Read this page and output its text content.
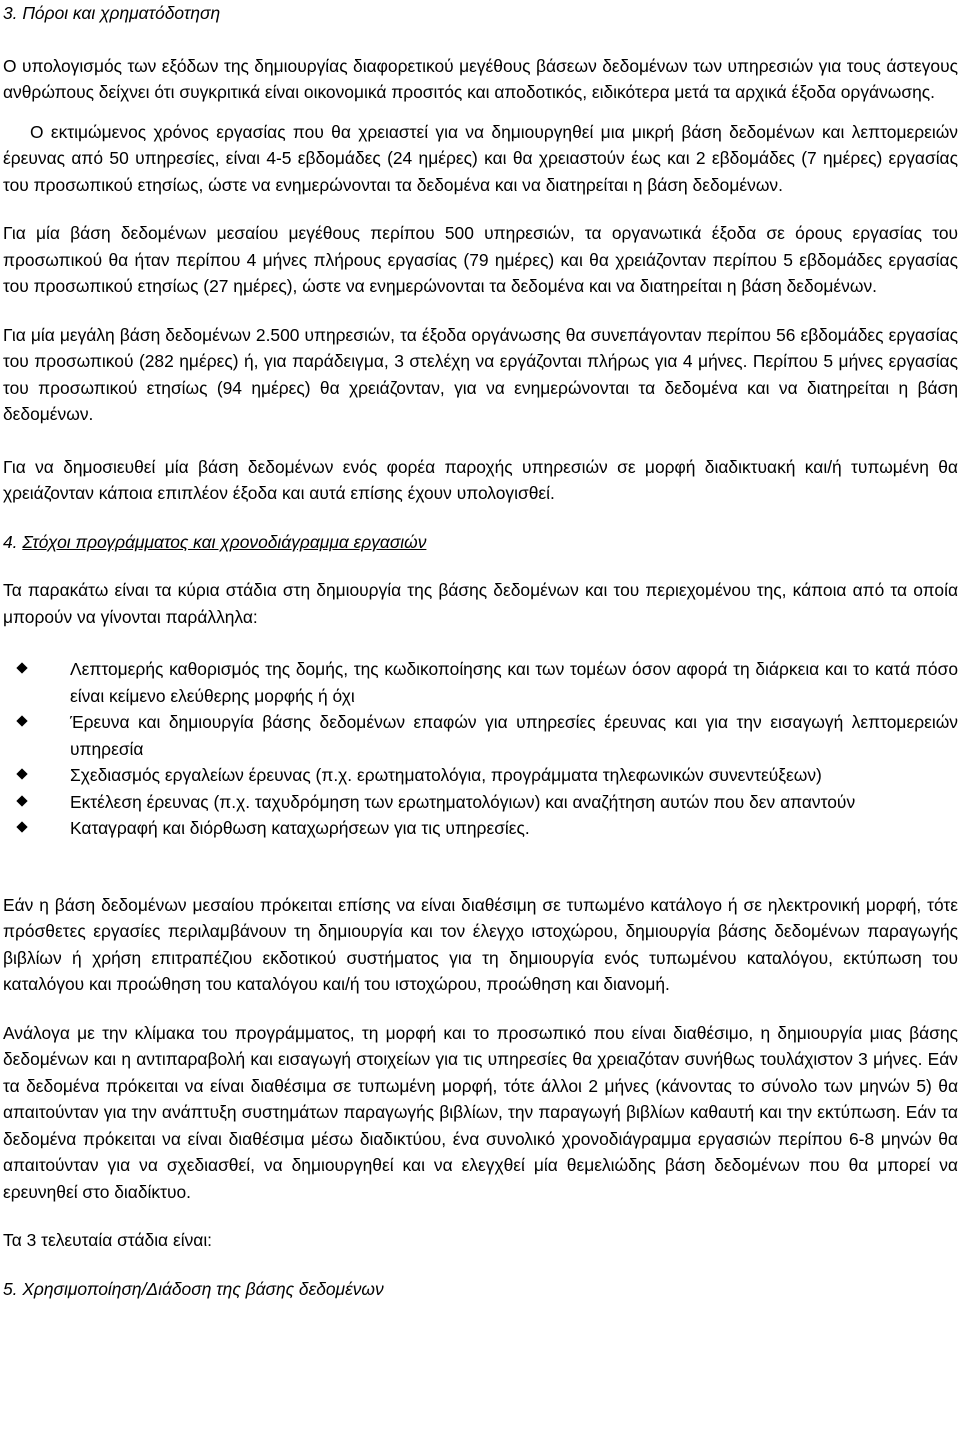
3. Πόροι και χρηματόδοτηση

Ο υπολογισμός των εξόδων της δημιουργίας διαφορετικού μεγέθους βάσεων δεδομένων των υπηρεσιών για τους άστεγους ανθρώπους δείχνει ότι συγκριτικά είναι οικονομικά προσιτός και αποδοτικός, ειδικότερα μετά τα αρχικά έξοδα οργάνωσης.

Ο εκτιμώμενος χρόνος εργασίας που θα χρειαστεί για να δημιουργηθεί μια μικρή βάση δεδομένων και λεπτομερειών έρευνας από 50 υπηρεσίες, είναι 4-5 εβδομάδες (24 ημέρες) και θα χρειαστούν έως και 2 εβδομάδες (7 ημέρες) εργασίας του προσωπικού ετησίως, ώστε να ενημερώνονται τα δεδομένα και να διατηρείται η βάση δεδομένων.

Για μία βάση δεδομένων μεσαίου μεγέθους περίπου 500 υπηρεσιών, τα οργανωτικά έξοδα σε όρους εργασίας του προσωπικού θα ήταν περίπου 4 μήνες πλήρους εργασίας (79 ημέρες) και θα χρειάζονταν περίπου 5 εβδομάδες εργασίας του προσωπικού ετησίως (27 ημέρες), ώστε να ενημερώνονται τα δεδομένα και να διατηρείται η βάση δεδομένων.

Για μία μεγάλη βάση δεδομένων 2.500 υπηρεσιών, τα έξοδα οργάνωσης θα συνεπάγονταν περίπου 56 εβδομάδες εργασίας του προσωπικού (282 ημέρες) ή, για παράδειγμα, 3 στελέχη να εργάζονται πλήρως για 4 μήνες. Περίπου 5 μήνες εργασίας του προσωπικού ετησίως (94 ημέρες) θα χρειάζονταν, για να ενημερώνονται τα δεδομένα και να διατηρείται η βάση δεδομένων.

Για να δημοσιευθεί μία βάση δεδομένων ενός φορέα παροχής υπηρεσιών σε μορφή διαδικτυακή και/ή τυπωμένη θα χρειάζονταν κάποια επιπλέον έξοδα και αυτά επίσης έχουν υπολογισθεί.

4. Στόχοι προγράμματος και χρονοδιάγραμμα εργασιών

Τα παρακάτω είναι τα κύρια στάδια στη δημιουργία της βάσης δεδομένων και του περιεχομένου της, κάποια από τα οποία μπορούν να γίνονται παράλληλα:

Λεπτομερής καθορισμός της δομής, της κωδικοποίησης και των τομέων όσον αφορά τη διάρκεια και το κατά πόσο είναι κείμενο ελεύθερης μορφής ή όχι
Έρευνα και δημιουργία βάσης δεδομένων επαφών για υπηρεσίες έρευνας και για την εισαγωγή λεπτομερειών υπηρεσία
Σχεδιασμός εργαλείων έρευνας (π.χ. ερωτηματολόγια, προγράμματα τηλεφωνικών συνεντεύξεων)
Εκτέλεση έρευνας (π.χ. ταχυδρόμηση των ερωτηματολόγιων) και αναζήτηση αυτών που δεν απαντούν
Καταγραφή και διόρθωση καταχωρήσεων για τις υπηρεσίες.

Εάν η βάση δεδομένων μεσαίου πρόκειται επίσης να είναι διαθέσιμη σε τυπωμένο κατάλογο ή σε ηλεκτρονική μορφή, τότε πρόσθετες εργασίες περιλαμβάνουν τη δημιουργία και τον έλεγχο ιστοχώρου, δημιουργία βάσης δεδομένων παραγωγής βιβλίων ή χρήση επιτραπέζιου εκδοτικού συστήματος για τη δημιουργία ενός τυπωμένου καταλόγου, εκτύπωση του καταλόγου και προώθηση του καταλόγου και/ή του ιστοχώρου, προώθηση και διανομή.

Ανάλογα με την κλίμακα του προγράμματος, τη μορφή και το προσωπικό που είναι διαθέσιμο, η δημιουργία μιας βάσης δεδομένων και η αντιπαραβολή και εισαγωγή στοιχείων για τις υπηρεσίες θα χρειαζόταν συνήθως τουλάχιστον 3 μήνες. Εάν τα δεδομένα πρόκειται να είναι διαθέσιμα σε τυπωμένη μορφή, τότε άλλοι 2 μήνες (κάνοντας το σύνολο των μηνών 5) θα απαιτούνταν για την ανάπτυξη συστημάτων παραγωγής βιβλίων, την παραγωγή βιβλίων καθαυτή και την εκτύπωση. Εάν τα δεδομένα πρόκειται να είναι διαθέσιμα μέσω διαδικτύου, ένα συνολικό χρονοδιάγραμμα εργασιών περίπου 6-8 μηνών θα απαιτούνταν για να σχεδιασθεί, να δημιουργηθεί και να ελεγχθεί μία θεμελιώδης βάση δεδομένων που θα μπορεί να ερευνηθεί στο διαδίκτυο.

Τα 3 τελευταία στάδια είναι:

5. Χρησιμοποίηση/Διάδοση της βάσης δεδομένων
